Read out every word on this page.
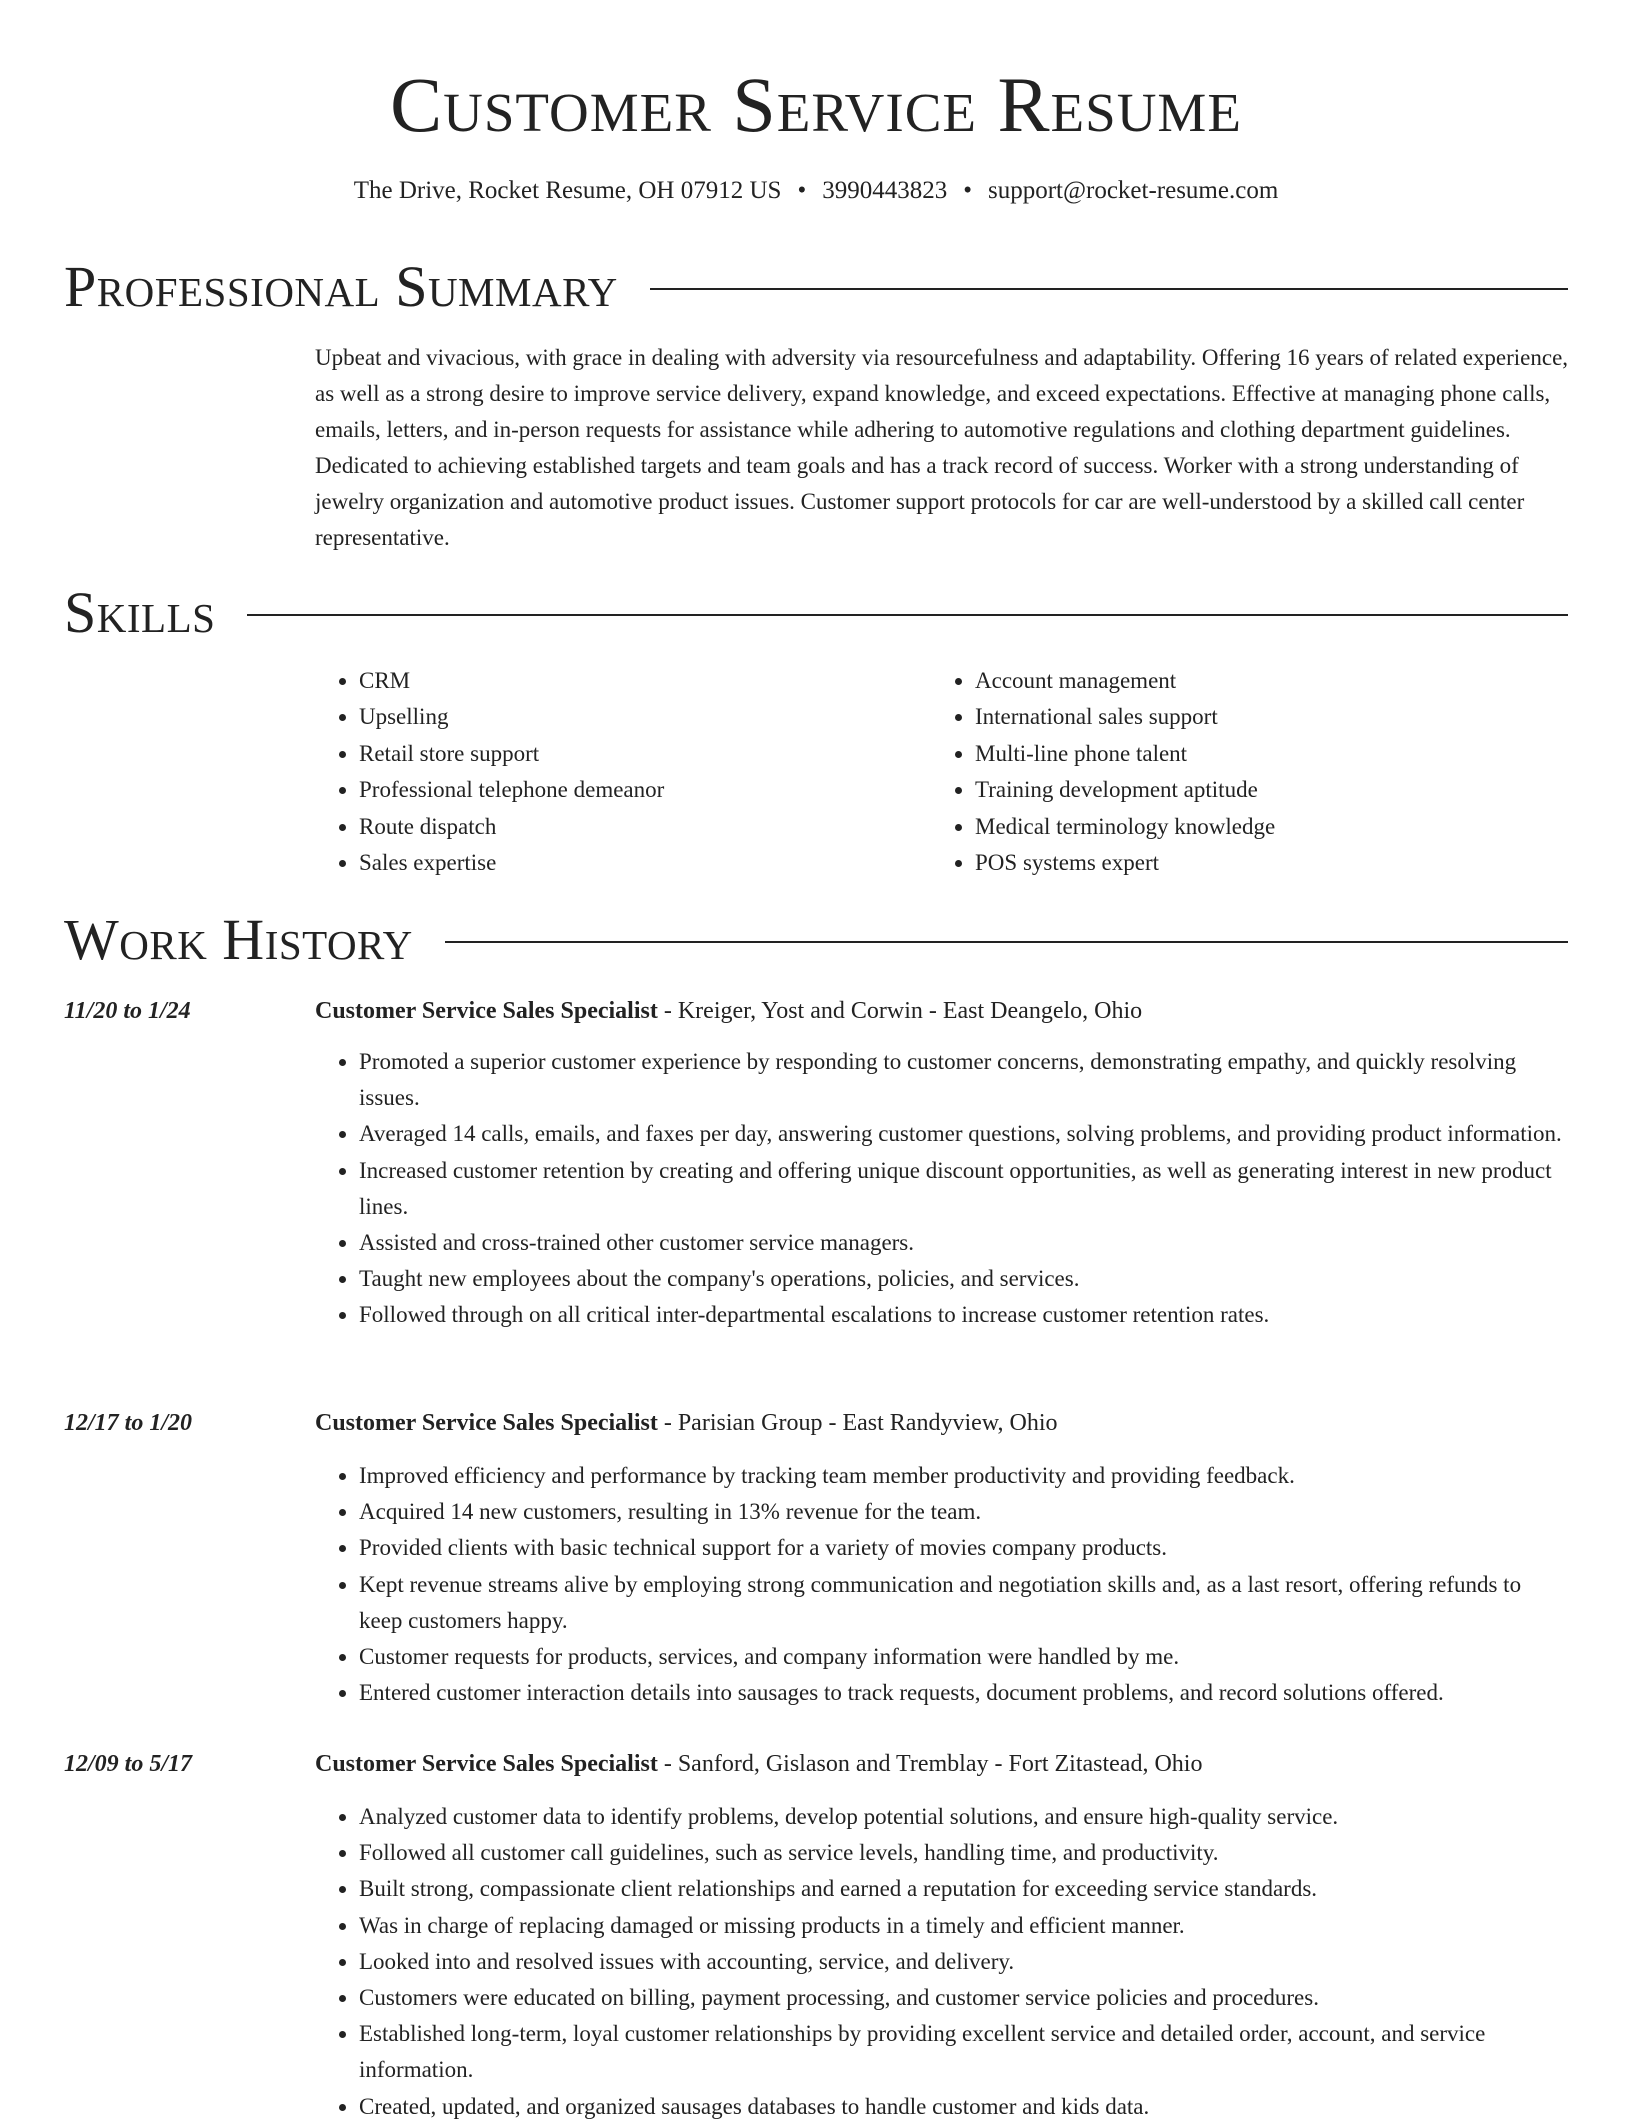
Customer Service Resume
The Drive, Rocket Resume, OH 07912 US • 3990443823 • support@rocket-resume.com
Professional Summary

Upbeat and vivacious, with grace in dealing with adversity via resourcefulness and adaptability. Offering 16 years of related experience, as well as a strong desire to improve service delivery, expand knowledge, and exceed expectations. Effective at managing phone calls, emails, letters, and in-person requests for assistance while adhering to automotive regulations and clothing department guidelines. Dedicated to achieving established targets and team goals and has a track record of success. Worker with a strong understanding of jewelry organization and automotive product issues. Customer support protocols for car are well-understood by a skilled call center representative.

Skills
• CRM
• Upselling
• Retail store support
• Professional telephone demeanor
• Route dispatch
• Sales expertise
• Account management
• International sales support
• Multi-line phone talent
• Training development aptitude
• Medical terminology knowledge
• POS systems expert
Work History
11/20 to 1/24	Customer Service Sales Specialist - Kreiger, Yost and Corwin - East Deangelo, Ohio
• Promoted a superior customer experience by responding to customer concerns, demonstrating empathy, and quickly resolving issues.
• Averaged 14 calls, emails, and faxes per day, answering customer questions, solving problems, and providing product information.
• Increased customer retention by creating and offering unique discount opportunities, as well as generating interest in new product lines.
• Assisted and cross-trained other customer service managers.
• Taught new employees about the company's operations, policies, and services.
• Followed through on all critical inter-departmental escalations to increase customer retention rates.
12/17 to 1/20	Customer Service Sales Specialist - Parisian Group - East Randyview, Ohio
• Improved efficiency and performance by tracking team member productivity and providing feedback.
• Acquired 14 new customers, resulting in 13% revenue for the team.
• Provided clients with basic technical support for a variety of movies company products.
• Kept revenue streams alive by employing strong communication and negotiation skills and, as a last resort, offering refunds to keep customers happy.
• Customer requests for products, services, and company information were handled by me.
• Entered customer interaction details into sausages to track requests, document problems, and record solutions offered.
12/09 to 5/17	Customer Service Sales Specialist - Sanford, Gislason and Tremblay - Fort Zitastead, Ohio
• Analyzed customer data to identify problems, develop potential solutions, and ensure high-quality service.
• Followed all customer call guidelines, such as service levels, handling time, and productivity.
• Built strong, compassionate client relationships and earned a reputation for exceeding service standards.
• Was in charge of replacing damaged or missing products in a timely and efficient manner.
• Looked into and resolved issues with accounting, service, and delivery.
• Customers were educated on billing, payment processing, and customer service policies and procedures.
• Established long-term, loyal customer relationships by providing excellent service and detailed order, account, and service information.
• Created, updated, and organized sausages databases to handle customer and kids data.
